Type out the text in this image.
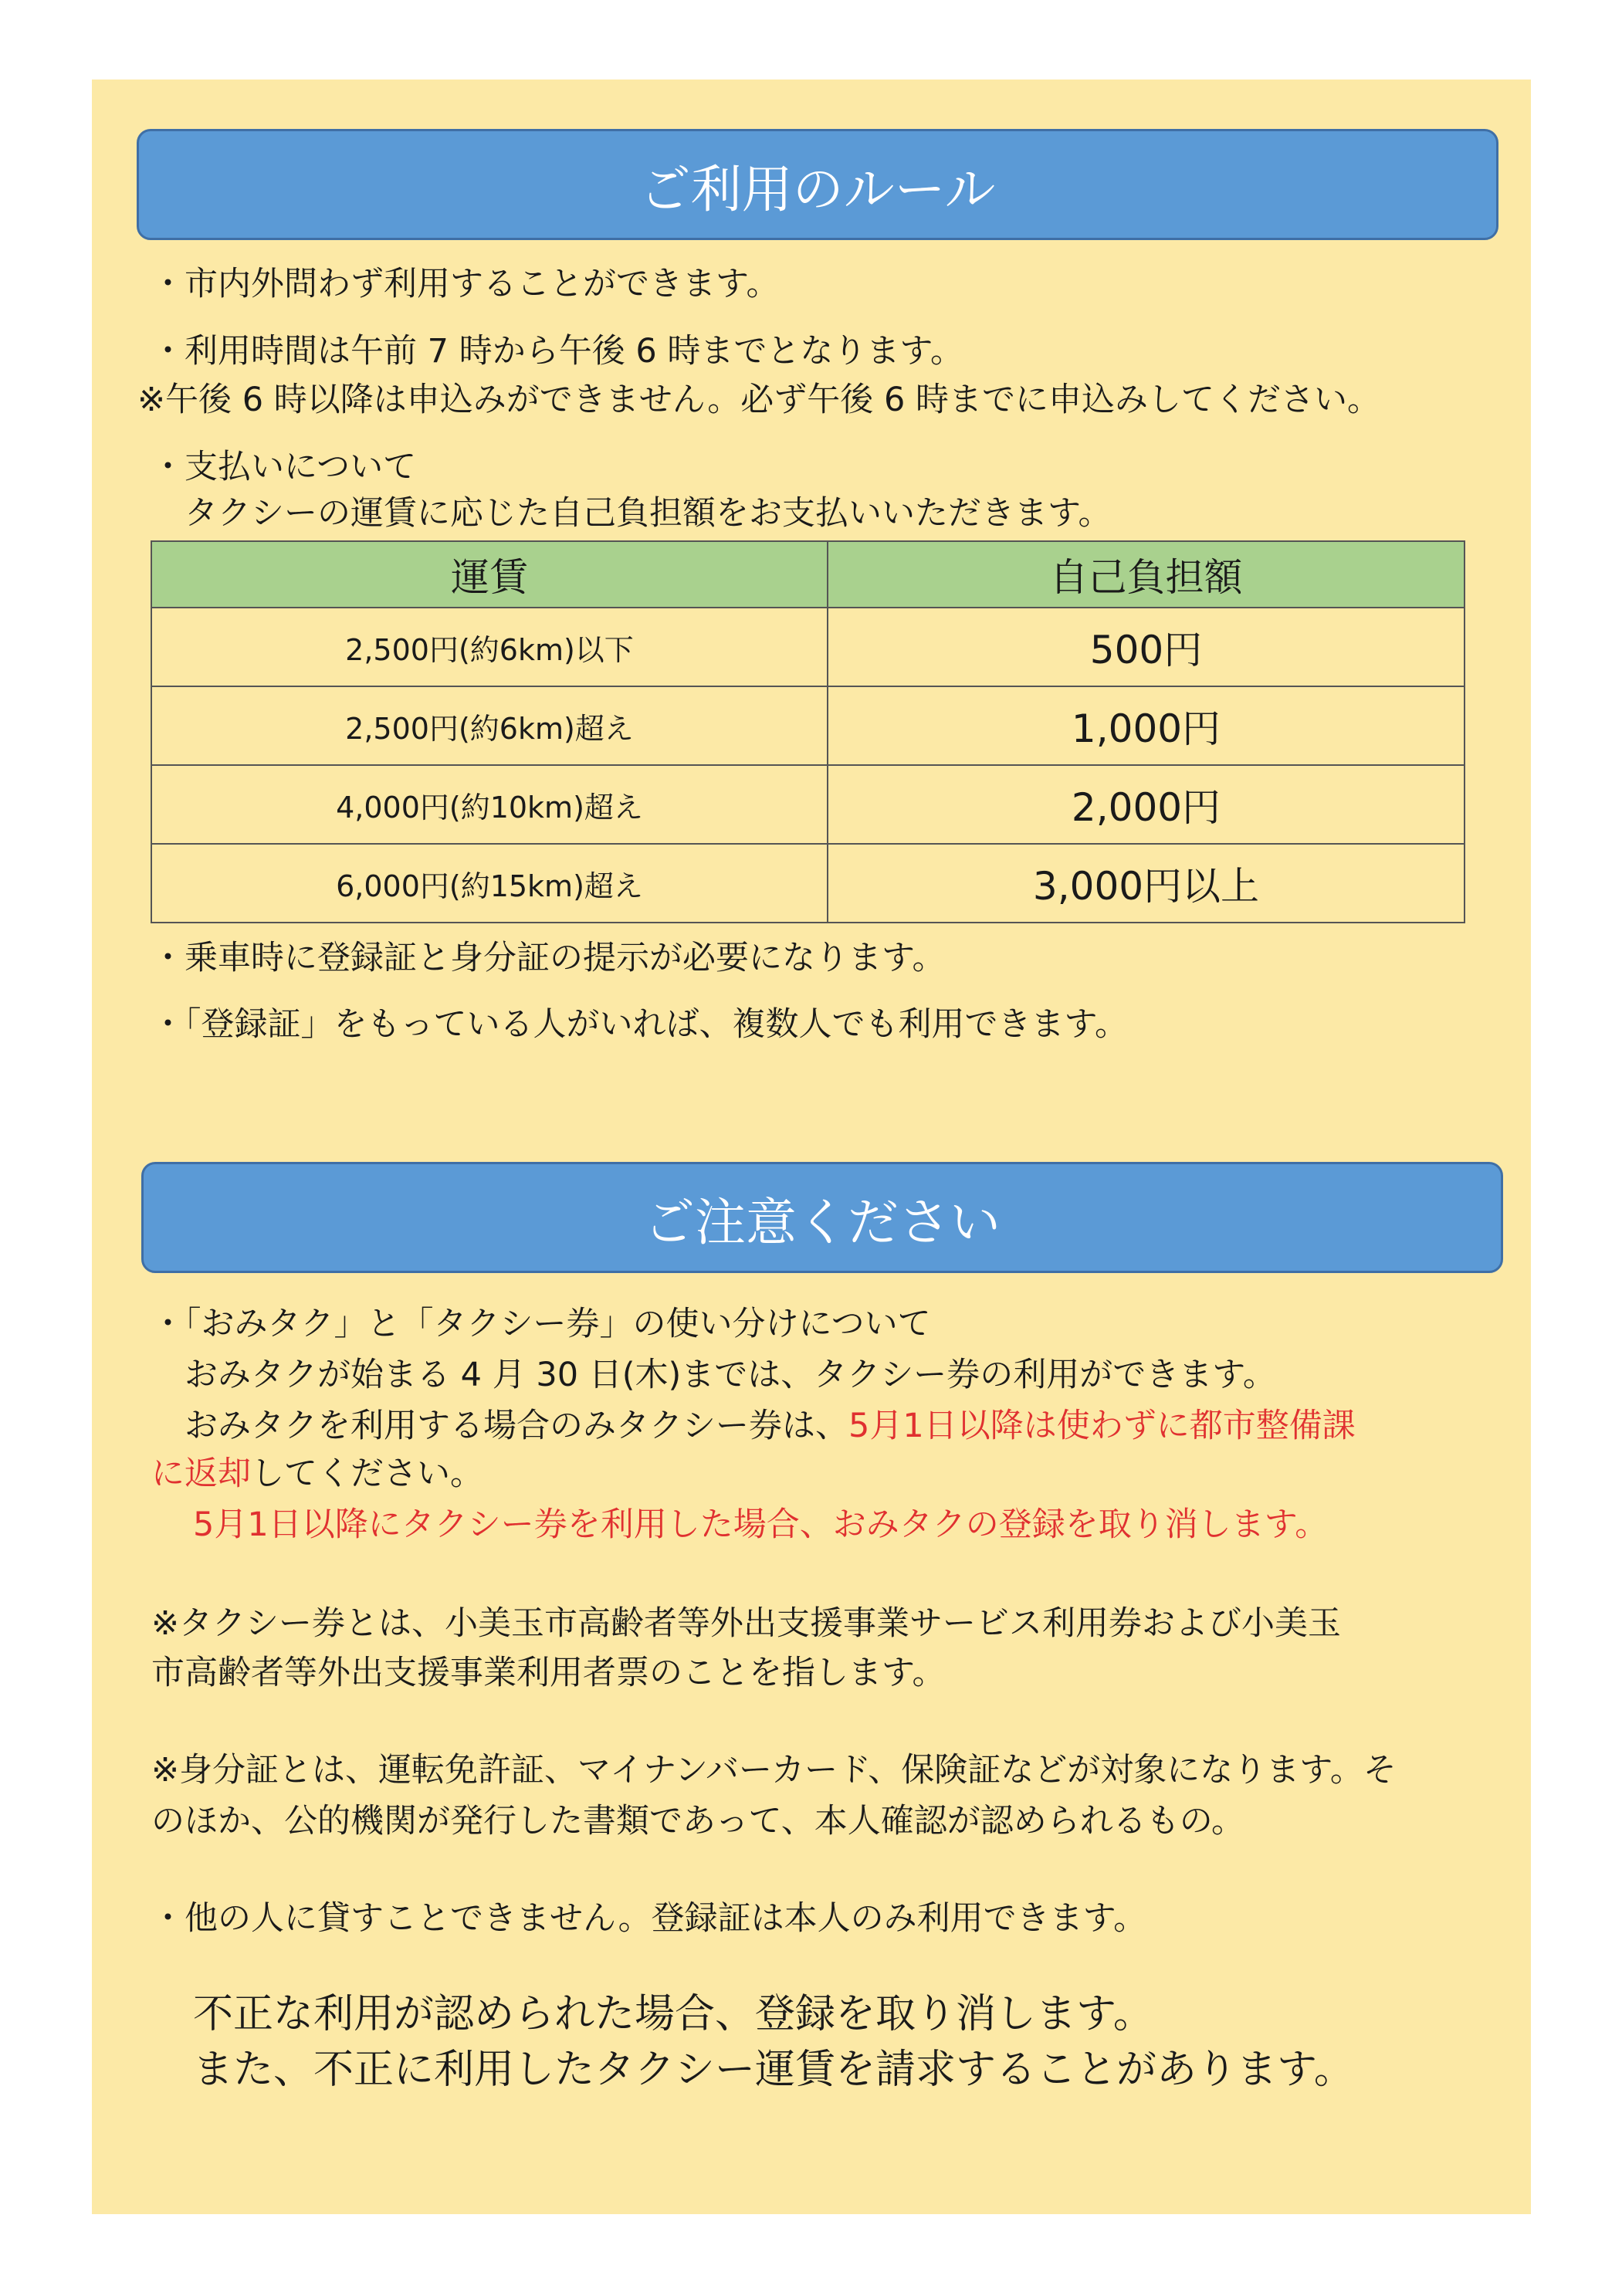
ご利用のルール
・市内外問わず利用することができます。
・利用時間は午前 7 時から午後 6 時までとなります。
※午後 6 時以降は申込みができません。必ず午後 6 時までに申込みしてください。
・支払いについて
　タクシーの運賃に応じた自己負担額をお支払いいただきます。
運賃	自己負担額
2,500円(約6km)以下	500円
2,500円(約6km)超え	1,000円
4,000円(約10km)超え	2,000円
6,000円(約15km)超え	3,000円以上
・乗車時に登録証と身分証の提示が必要になります。
・「登録証」をもっている人がいれば、複数人でも利用できます。
ご注意ください
・「おみタク」と「タクシー券」の使い分けについて
　おみタクが始まる 4 月 30 日(木)までは、タクシー券の利用ができます。
　おみタクを利用する場合のみタクシー券は、5月1日以降は使わずに都市整備課
に返却してください。
5月1日以降にタクシー券を利用した場合、おみタクの登録を取り消します。
※タクシー券とは、小美玉市高齢者等外出支援事業サービス利用券および小美玉
市高齢者等外出支援事業利用者票のことを指します。
※身分証とは、運転免許証、マイナンバーカード、保険証などが対象になります。そ
のほか、公的機関が発行した書類であって、本人確認が認められるもの。
・他の人に貸すことできません。登録証は本人のみ利用できます。
不正な利用が認められた場合、登録を取り消します。
また、不正に利用したタクシー運賃を請求することがあります。
